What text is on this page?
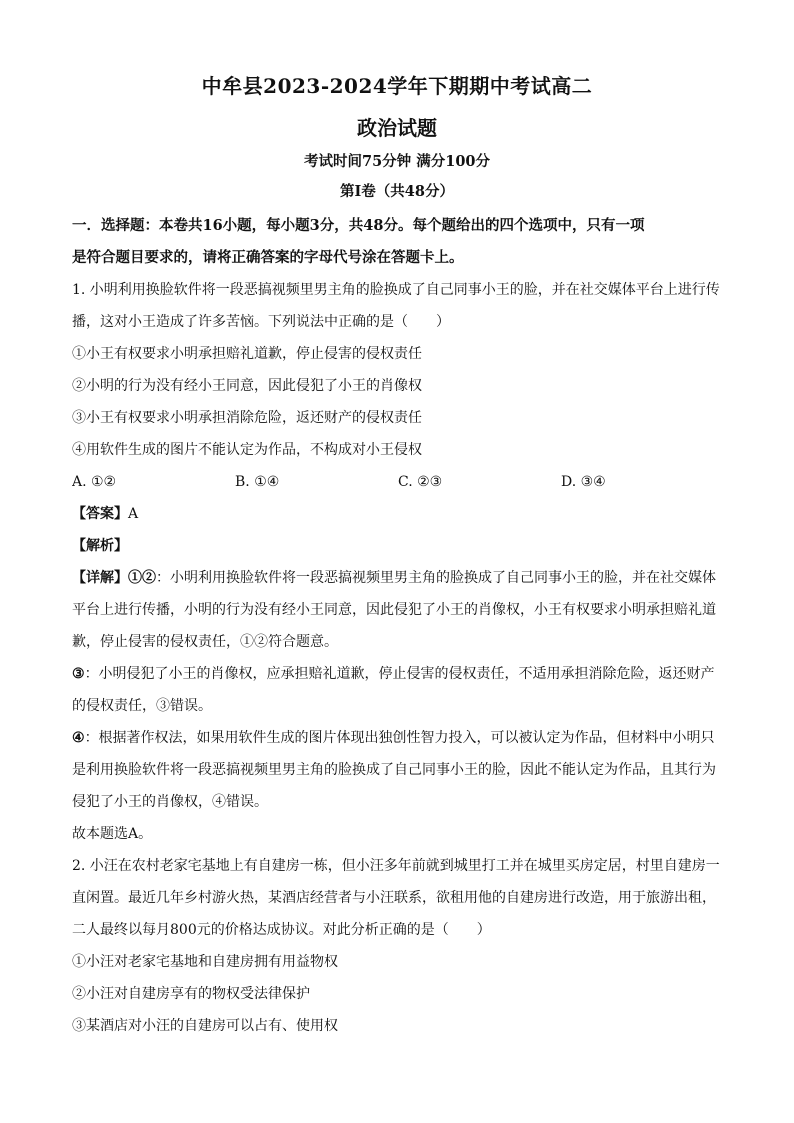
中牟县2023-2024学年下期期中考试高二
政治试题
考试时间75分钟 满分100分
第I卷（共48分）
一．选择题：本卷共16小题，每小题3分，共48分。每个题给出的四个选项中，只有一项
是符合题目要求的，请将正确答案的字母代号涂在答题卡上。
1. 小明利用换脸软件将一段恶搞视频里男主角的脸换成了自己同事小王的脸，并在社交媒体平台上进行传
播，这对小王造成了许多苦恼。下列说法中正确的是（　　）
①小王有权要求小明承担赔礼道歉，停止侵害的侵权责任
②小明的行为没有经小王同意，因此侵犯了小王的肖像权
③小王有权要求小明承担消除危险，返还财产的侵权责任
④用软件生成的图片不能认定为作品，不构成对小王侵权
A. ①②	B. ①④	C. ②③	D. ③④
【答案】A
【解析】
【详解】①②：小明利用换脸软件将一段恶搞视频里男主角的脸换成了自己同事小王的脸，并在社交媒体
平台上进行传播，小明的行为没有经小王同意，因此侵犯了小王的肖像权，小王有权要求小明承担赔礼道
歉，停止侵害的侵权责任，①②符合题意。
③：小明侵犯了小王的肖像权，应承担赔礼道歉，停止侵害的侵权责任，不适用承担消除危险，返还财产
的侵权责任，③错误。
④：根据著作权法，如果用软件生成的图片体现出独创性智力投入，可以被认定为作品，但材料中小明只
是利用换脸软件将一段恶搞视频里男主角的脸换成了自己同事小王的脸，因此不能认定为作品，且其行为
侵犯了小王的肖像权，④错误。
故本题选A。
2. 小汪在农村老家宅基地上有自建房一栋，但小汪多年前就到城里打工并在城里买房定居，村里自建房一
直闲置。最近几年乡村游火热，某酒店经营者与小汪联系，欲租用他的自建房进行改造，用于旅游出租，
二人最终以每月800元的价格达成协议。对此分析正确的是（　　）
①小汪对老家宅基地和自建房拥有用益物权
②小汪对自建房享有的物权受法律保护
③某酒店对小汪的自建房可以占有、使用权
